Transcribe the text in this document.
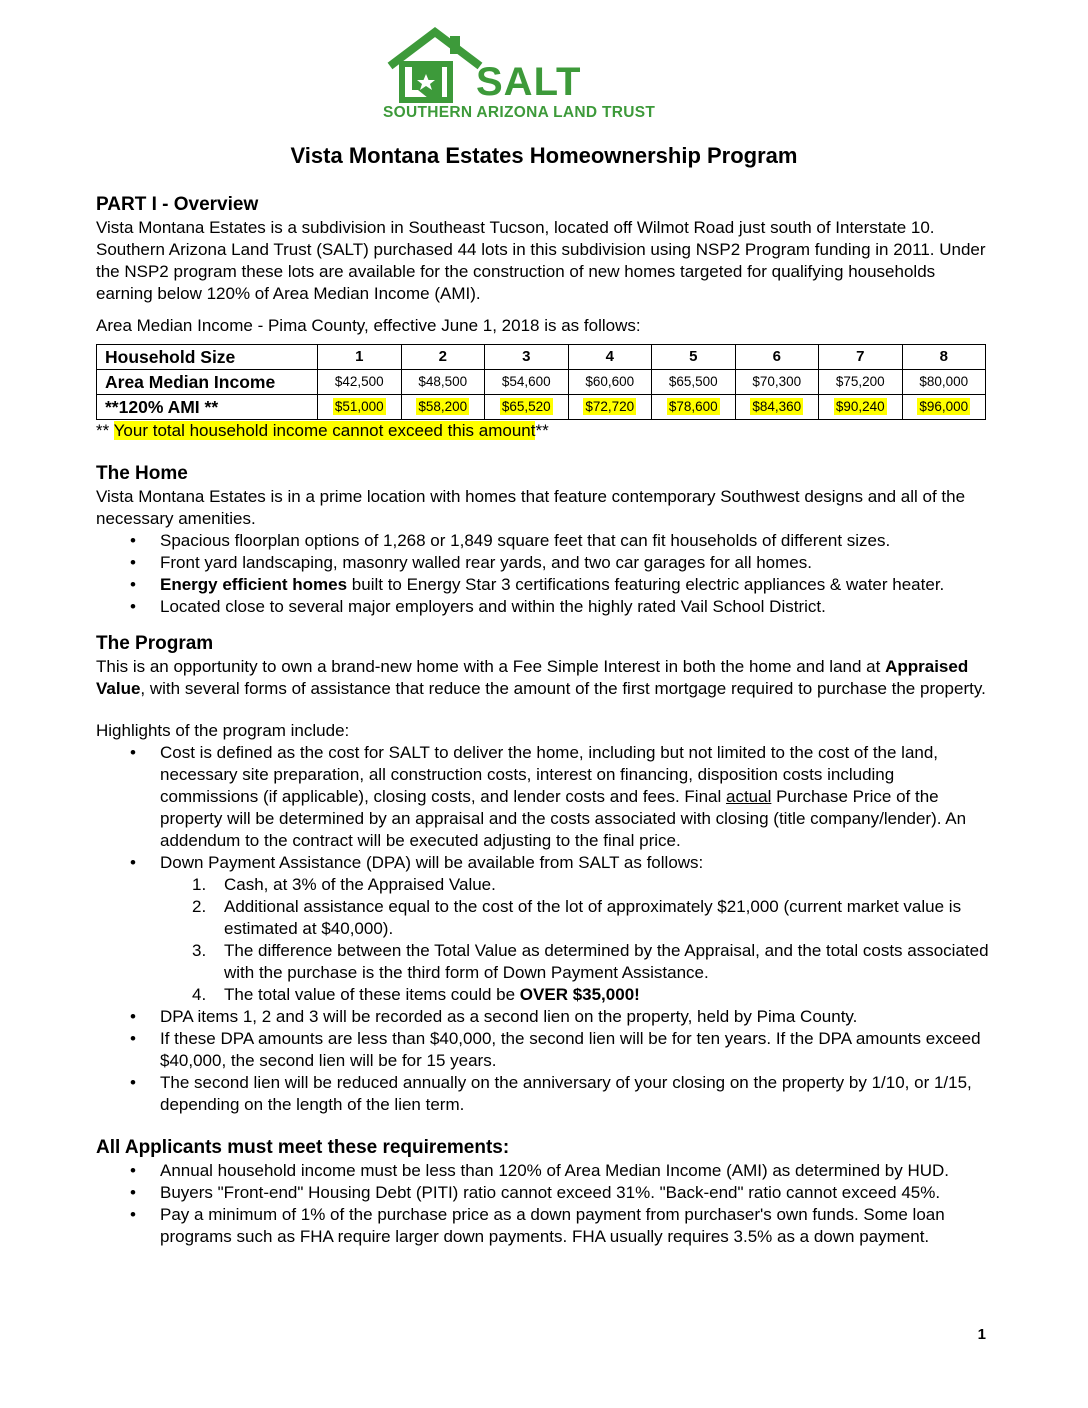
SALT
SOUTHERN ARIZONA LAND TRUST
Vista Montana Estates Homeownership Program
PART I - Overview

Vista Montana Estates is a subdivision in Southeast Tucson, located off Wilmot Road just south of Interstate 10. Southern Arizona Land Trust (SALT) purchased 44 lots in this subdivision using NSP2 Program funding in 2011. Under the NSP2 program these lots are available for the construction of new homes targeted for qualifying households earning below 120% of Area Median Income (AMI).

Area Median Income - Pima County, effective June 1, 2018 is as follows:

Household Size	1	2	3	4	5	6	7	8
Area Median Income	$42,500	$48,500	$54,600	$60,600	$65,500	$70,300	$75,200	$80,000
**120% AMI **	$51,000	$58,200	$65,520	$72,720	$78,600	$84,360	$90,240	$96,000

** Your total household income cannot exceed this amount**

The Home

Vista Montana Estates is in a prime location with homes that feature contemporary Southwest designs and all of the necessary amenities.

• Spacious floorplan options of 1,268 or 1,849 square feet that can fit households of different sizes.
• Front yard landscaping, masonry walled rear yards, and two car garages for all homes.
• Energy efficient homes built to Energy Star 3 certifications featuring electric appliances & water heater.
• Located close to several major employers and within the highly rated Vail School District.
The Program

This is an opportunity to own a brand-new home with a Fee Simple Interest in both the home and land at Appraised Value, with several forms of assistance that reduce the amount of the first mortgage required to purchase the property.

Highlights of the program include:

• Cost is defined as the cost for SALT to deliver the home, including but not limited to the cost of the land, necessary site preparation, all construction costs, interest on financing, disposition costs including commissions (if applicable), closing costs, and lender costs and fees. Final actual Purchase Price of the property will be determined by an appraisal and the costs associated with closing (title company/lender). An addendum to the contract will be executed adjusting to the final price.
• Down Payment Assistance (DPA) will be available from SALT as follows:
1. Cash, at 3% of the Appraised Value.
2. Additional assistance equal to the cost of the lot of approximately $21,000 (current market value is estimated at $40,000).
3. The difference between the Total Value as determined by the Appraisal, and the total costs associated with the purchase is the third form of Down Payment Assistance.
4. The total value of these items could be OVER $35,000!
• DPA items 1, 2 and 3 will be recorded as a second lien on the property, held by Pima County.
• If these DPA amounts are less than $40,000, the second lien will be for ten years. If the DPA amounts exceed $40,000, the second lien will be for 15 years.
• The second lien will be reduced annually on the anniversary of your closing on the property by 1/10, or 1/15, depending on the length of the lien term.
All Applicants must meet these requirements:
• Annual household income must be less than 120% of Area Median Income (AMI) as determined by HUD.
• Buyers "Front-end" Housing Debt (PITI) ratio cannot exceed 31%. "Back-end" ratio cannot exceed 45%.
• Pay a minimum of 1% of the purchase price as a down payment from purchaser's own funds. Some loan programs such as FHA require larger down payments. FHA usually requires 3.5% as a down payment.
1
